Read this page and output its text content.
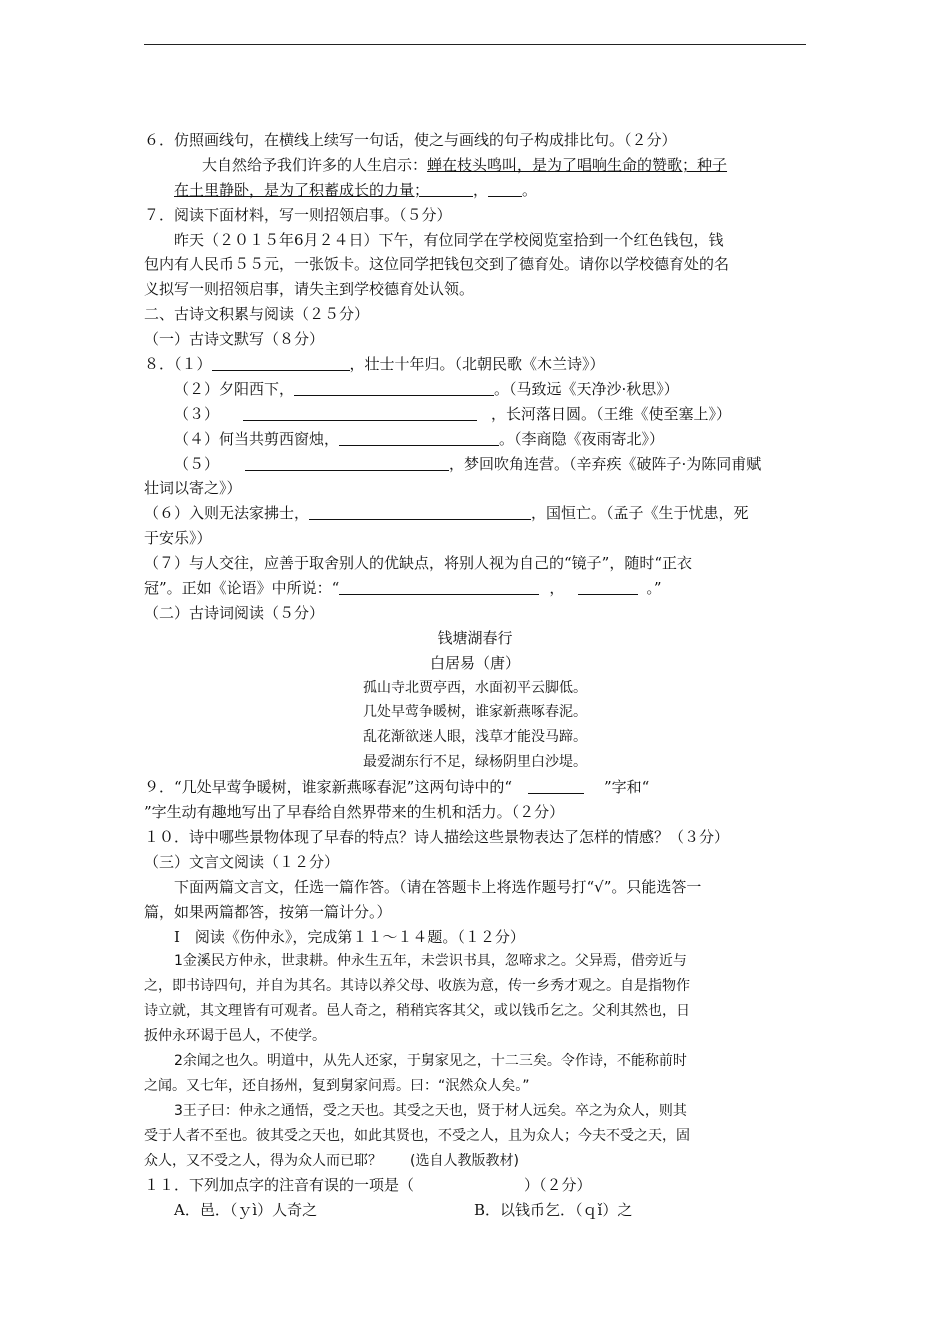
６．仿照画线句，在横线上续写一句话，使之与画线的句子构成排比句。（２分）
大自然给予我们许多的人生启示：蝉在枝头鸣叫，是为了唱响生命的赞歌；种子
在土里静卧，是为了积蓄成长的力量；	， 。
７．阅读下面材料，写一则招领启事。（５分）
昨天（２０１５年6月２４日）下午，有位同学在学校阅览室拾到一个红色钱包，钱
包内有人民币５５元，一张饭卡。这位同学把钱包交到了德育处。请你以学校德育处的名
义拟写一则招领启事，请失主到学校德育处认领。
二、古诗文积累与阅读（２５分）
（一）古诗文默写（８分）
８．（１）	，壮士十年归。（北朝民歌《木兰诗》）
（２）夕阳西下，	。（马致远《天净沙·秋思》）
（３）	，长河落日圆。（王维《使至塞上》）
（４）何当共剪西窗烛，	。（李商隐《夜雨寄北》）
（５）	，梦回吹角连营。（辛弃疾《破阵子·为陈同甫赋
壮词以寄之》）
（６）入则无法家拂士，	，国恒亡。（孟子《生于忧患，死
于安乐》）
（７）与人交往，应善于取舍别人的优缺点，将别人视为自己的“镜子”，随时“正衣
冠”。正如《论语》中所说：“	，	。”
（二）古诗词阅读（５分）
钱塘湖春行
白居易（唐）
孤山寺北贾亭西，水面初平云脚低。
几处早莺争暖树，谁家新燕啄春泥。
乱花渐欲迷人眼，浅草才能没马蹄。
最爱湖东行不足，绿杨阴里白沙堤。
９．“几处早莺争暖树，谁家新燕啄春泥”这两句诗中的“	”字和“
”字生动有趣地写出了早春给自然界带来的生机和活力。（２分）
１０．诗中哪些景物体现了早春的特点？诗人描绘这些景物表达了怎样的情感？（３分）
（三）文言文阅读（１２分）
下面两篇文言文，任选一篇作答。（请在答题卡上将选作题号打“√”。只能选答一
篇，如果两篇都答，按第一篇计分。）
Ⅰ　阅读《伤仲永》，完成第１１～１４题。（１２分）
1金溪民方仲永，世隶耕。仲永生五年，未尝识书具，忽啼求之。父异焉，借旁近与
之，即书诗四句，并自为其名。其诗以养父母、收族为意，传一乡秀才观之。自是指物作
诗立就，其文理皆有可观者。邑人奇之，稍稍宾客其父，或以钱币乞之。父利其然也，日
扳仲永环谒于邑人，不使学。
2余闻之也久。明道中，从先人还家，于舅家见之，十二三矣。令作诗，不能称前时
之闻。又七年，还自扬州，复到舅家问焉。曰：“泯然众人矣。”
3王子曰：仲永之通悟，受之天也。其受之天也，贤于材人远矣。卒之为众人，则其
受于人者不至也。彼其受之天也，如此其贤也，不受之人，且为众人；今夫不受之天，固
众人，又不受之人，得为众人而已耶？ (选自人教版教材)
１１．下列加点字的注音有误的一项是（	）（２分）
A．邑．（ｙì）人奇之	B．以钱币乞．（ｑǐ）之
